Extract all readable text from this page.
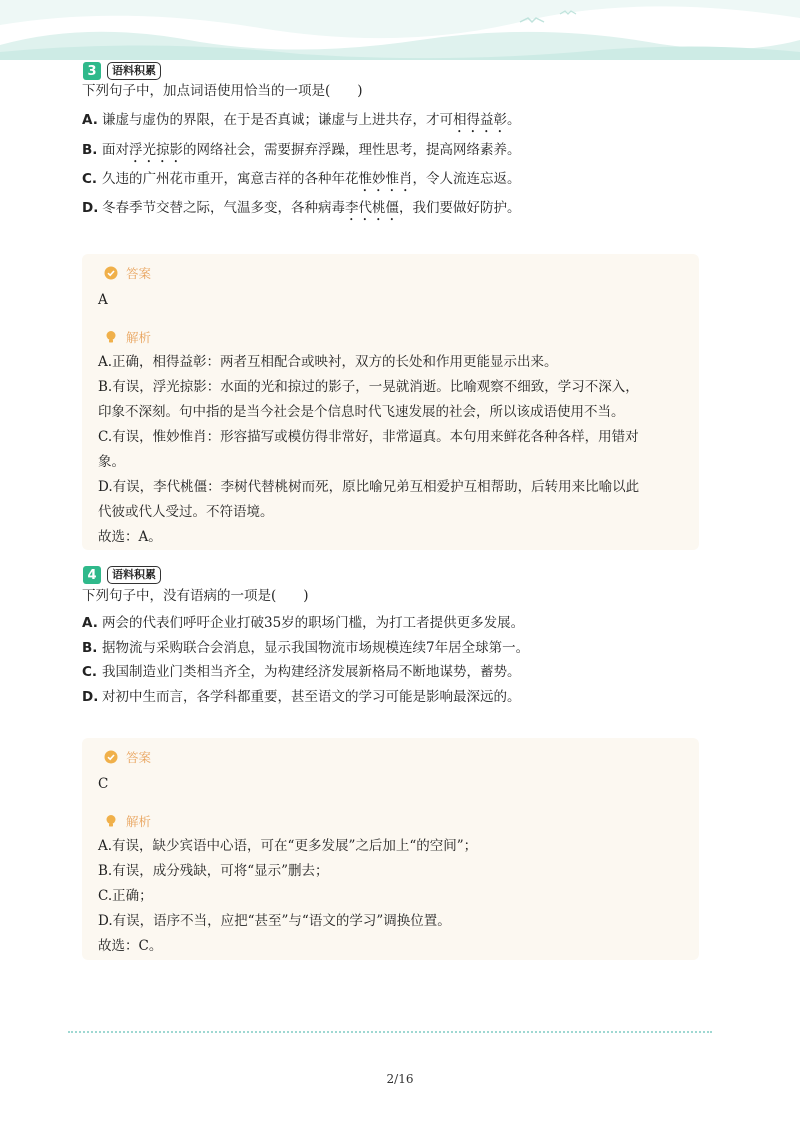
3	语料积累
下列句子中，加点词语使用恰当的一项是(　　)
A. 谦虚与虚伪的界限，在于是否真诚；谦虚与上进共存，才可相得益彰。
B. 面对浮光掠影的网络社会，需要摒弃浮躁，理性思考，提高网络素养。
C. 久违的广州花市重开，寓意吉祥的各种年花惟妙惟肖，令人流连忘返。
D. 冬春季节交替之际，气温多变，各种病毒李代桃僵，我们要做好防护。
答案
A
解析
A.正确，相得益彰：两者互相配合或映衬，双方的长处和作用更能显示出来。
B.有误，浮光掠影：水面的光和掠过的影子，一晃就消逝。比喻观察不细致，学习不深入，
印象不深刻。句中指的是当今社会是个信息时代飞速发展的社会，所以该成语使用不当。
C.有误，惟妙惟肖：形容描写或模仿得非常好，非常逼真。本句用来鲜花各种各样，用错对
象。
D.有误，李代桃僵：李树代替桃树而死，原比喻兄弟互相爱护互相帮助，后转用来比喻以此
代彼或代人受过。不符语境。
故选：A。
4	语料积累
下列句子中，没有语病的一项是(　　)
A. 两会的代表们呼吁企业打破35岁的职场门槛，为打工者提供更多发展。
B. 据物流与采购联合会消息，显示我国物流市场规模连续7年居全球第一。
C. 我国制造业门类相当齐全，为构建经济发展新格局不断地谋势，蓄势。
D. 对初中生而言，各学科都重要，甚至语文的学习可能是影响最深远的。
答案
C
解析
A.有误，缺少宾语中心语，可在“更多发展”之后加上“的空间”；
B.有误，成分残缺，可将“显示”删去；
C.正确；
D.有误，语序不当，应把“甚至”与“语文的学习”调换位置。
故选：C。
2/16
